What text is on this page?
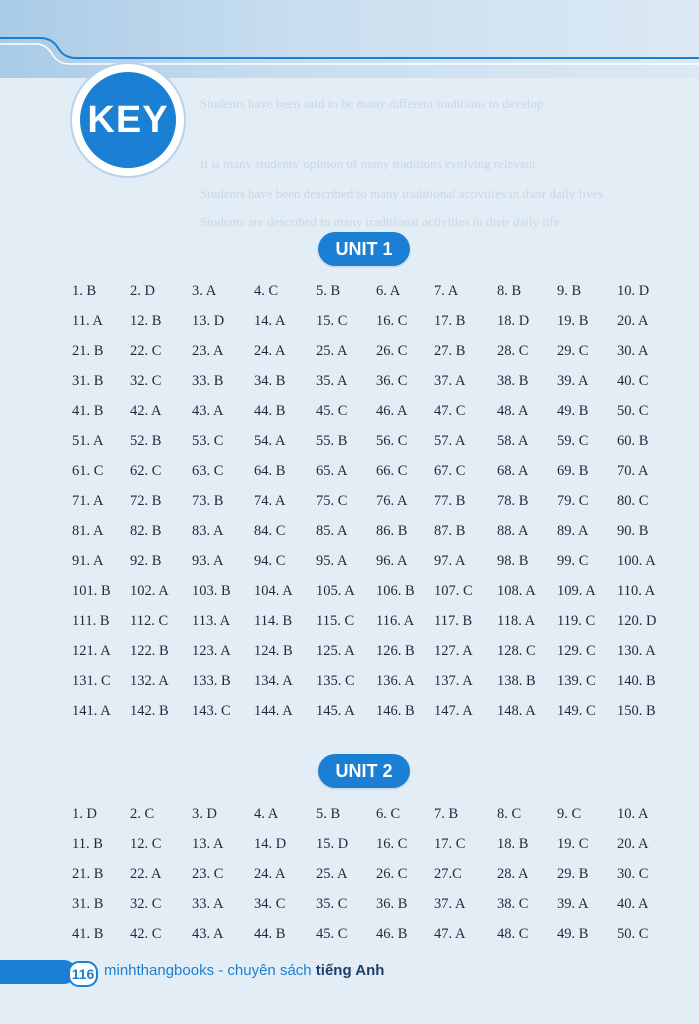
Students have been said to be many different traditions to develop
It is many students' opinion of many traditions evolving relevant
Students have been described to many traditional activities in their daily lives
Students are described to many traditional activities in their daily life
KEY
UNIT 1
1. B 2. D	3. A	4. C	5. B 6. A 7. A	8. B 9. B 10. D
11. A 12. B 13. D 14. A 15. C 16. C 17. B 18. D 19. B 20. A
21. B 22. C 23. A 24. A 25. A 26. C 27. B 28. C 29. C 30. A
31. B 32. C 33. B 34. B 35. A 36. C 37. A 38. B 39. A 40. C
41. B 42. A 43. A 44. B 45. C 46. A 47. C 48. A 49. B 50. C
51. A 52. B 53. C 54. A 55. B 56. C 57. A 58. A 59. C 60. B
61. C 62. C 63. C 64. B 65. A 66. C 67. C 68. A 69. B 70. A
71. A 72. B 73. B 74. A 75. C 76. A 77. B 78. B 79. C 80. C
81. A 82. B 83. A 84. C 85. A 86. B 87. B 88. A 89. A 90. B
91. A 92. B 93. A 94. C 95. A 96. A 97. A 98. B 99. C 100. A
101. B 102. A 103. B 104. A 105. A 106. B 107. C 108. A 109. A 110. A
111. B 112. C 113. A 114. B 115. C 116. A 117. B 118. A 119. C 120. D
121. A 122. B 123. A 124. B 125. A 126. B 127. A 128. C 129. C 130. A
131. C 132. A 133. B 134. A 135. C 136. A 137. A 138. B 139. C 140. B
141. A 142. B 143. C 144. A 145. A 146. B 147. A 148. A 149. C 150. B
UNIT 2
1. D 2. C	3. D	4. A	5. B 6. C 7. B	8. C 9. C 10. A
11. B 12. C 13. A 14. D 15. D 16. C 17. C 18. B 19. C 20. A
21. B 22. A 23. C 24. A 25. A 26. C 27.C 28. A 29. B 30. C
31. B 32. C 33. A 34. C 35. C 36. B 37. A 38. C 39. A 40. A
41. B 42. C 43. A 44. B 45. C 46. B 47. A 48. C 49. B 50. C
116 minhthangbooks - chuyên sách tiếng Anh
